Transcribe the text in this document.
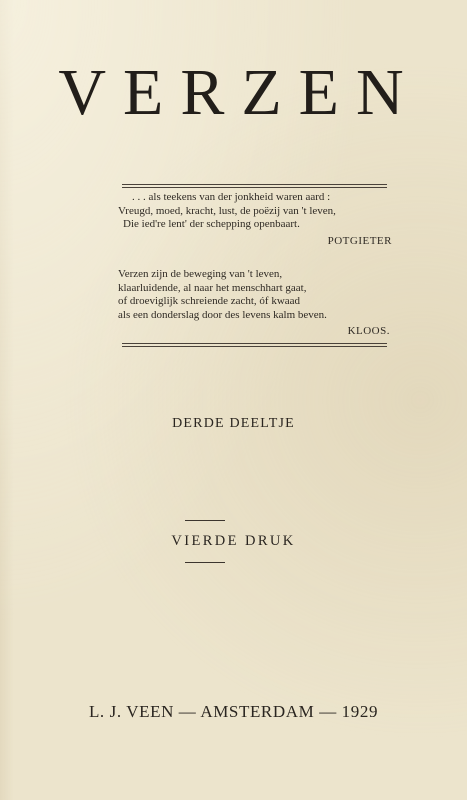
VERZEN
. . . als teekens van der jonkheid waren aard :
Vreugd, moed, kracht, lust, de poëzij van 't leven,
Die ied're lent' der schepping openbaart.
POTGIETER
Verzen zijn de beweging van 't leven,
klaarluidende, al naar het menschhart gaat,
of droeviglijk schreiende zacht, óf kwaad
als een donderslag door des levens kalm beven.
KLOOS.
DERDE DEELTJE
VIERDE DRUK
L. J. VEEN — AMSTERDAM — 1929
